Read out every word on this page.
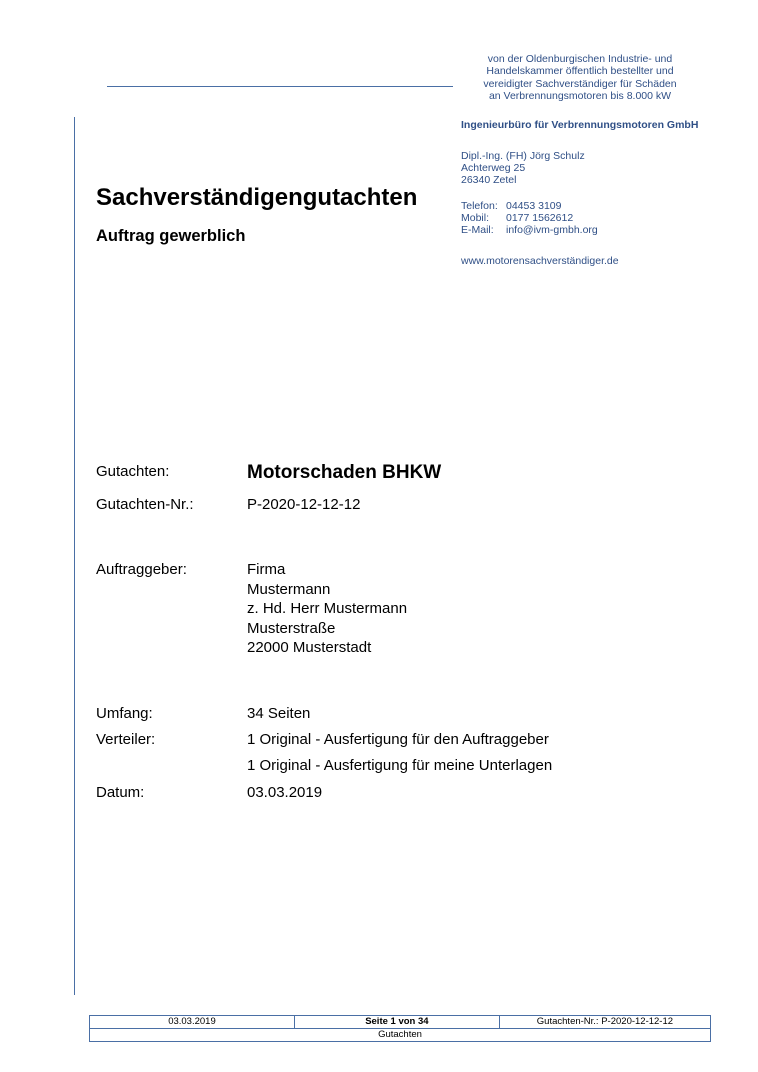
von der Oldenburgischen Industrie- und
Handelskammer öffentlich bestellter und
vereidigter Sachverständiger für Schäden
an Verbrennungsmotoren bis 8.000 kW
Ingenieurbüro für Verbrennungsmotoren GmbH
Dipl.-Ing. (FH) Jörg Schulz
Achterweg 25
26340 Zetel
Telefon: 04453 3109
Mobil: 0177 1562612
E-Mail: info@ivm-gmbh.org
www.motorensachverständiger.de
Sachverständigengutachten
Auftrag gewerblich
Gutachten:	Motorschaden BHKW
Gutachten-Nr.:	P-2020-12-12-12
Auftraggeber:	Firma
Mustermann
z. Hd. Herr Mustermann
Musterstraße
22000 Musterstadt
Umfang:	34 Seiten
Verteiler:	1 Original - Ausfertigung für den Auftraggeber
1 Original - Ausfertigung für meine Unterlagen
Datum:	03.03.2019
03.03.2019	Seite 1 von 34	Gutachten-Nr.: P-2020-12-12-12
Gutachten
